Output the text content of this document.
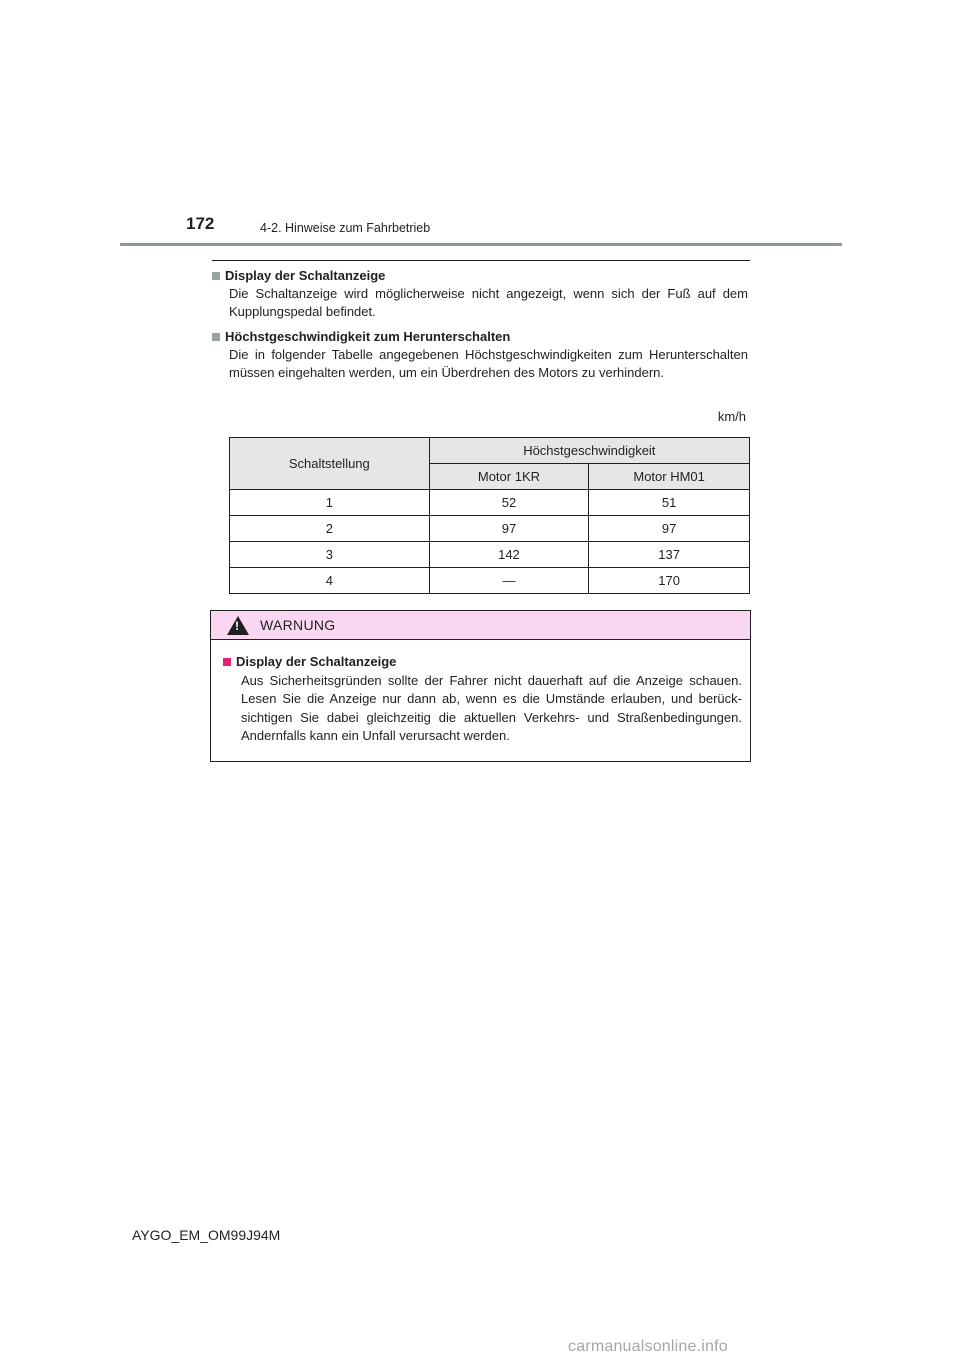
172	4-2. Hinweise zum Fahrbetrieb
Display der Schaltanzeige
Die Schaltanzeige wird möglicherweise nicht angezeigt, wenn sich der Fuß auf dem Kupplungspedal befindet.
Höchstgeschwindigkeit zum Herunterschalten
Die in folgender Tabelle angegebenen Höchstgeschwindigkeiten zum Herunterschalten müssen eingehalten werden, um ein Überdrehen des Motors zu verhindern.
km/h
Schaltstellung	Höchstgeschwindigkeit	
	Motor 1KR	Motor HM01
1	52	51
2	97	97
3	142	137
4	—	170
! WARNUNG
Display der Schaltanzeige
Aus Sicherheitsgründen sollte der Fahrer nicht dauerhaft auf die Anzeige schauen. Lesen Sie die Anzeige nur dann ab, wenn es die Umstände erlauben, und berück-sichtigen Sie dabei gleichzeitig die aktuellen Verkehrs- und Straßenbedingungen. Andernfalls kann ein Unfall verursacht werden.
AYGO_EM_OM99J94M
carmanualsonline.info
